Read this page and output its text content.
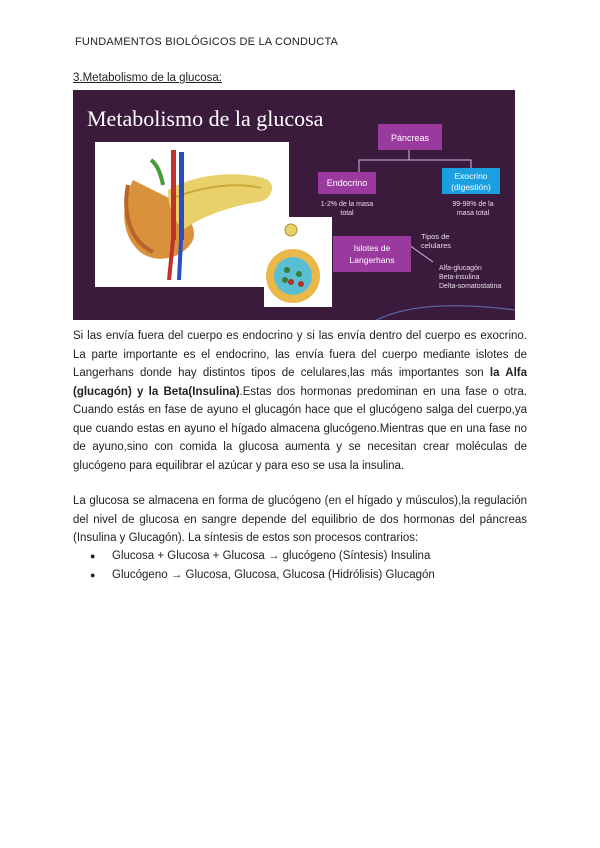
FUNDAMENTOS BIOLÓGICOS DE LA CONDUCTA
3.Metabolismo de la glucosa:
Metabolismo de la glucosa
Páncreas
Endocrino
1-2% de la masa
total
Exocrino
(digestión)
99-98% de la
masa total
Islotes de
Langerhans
Tipos de
celulares
Alfa-glucagón
Beta-insulina
Delta-somatostatina

Si las envía fuera del cuerpo es endocrino y si las envía dentro del cuerpo es exocrino. La parte importante es el endocrino, las envía fuera del cuerpo mediante islotes de Langerhans donde hay distintos tipos de celulares,las más importantes son la Alfa (glucagón) y la Beta(Insulina).Estas dos hormonas predominan en una fase o otra. Cuando estás en fase de ayuno el glucagón hace que el glucógeno salga del cuerpo,ya que cuando estas en ayuno el hígado almacena glucógeno.Mientras que en una fase no de ayuno,sino con comida la glucosa aumenta y se necesitan crear moléculas de glucógeno para equilibrar el azúcar y para eso se usa la insulina.

La glucosa se almacena en forma de glucógeno (en el hígado y músculos),la regulación del nivel de glucosa en sangre depende del equilibrio de dos hormonas del páncreas (Insulina y Glucagón). La síntesis de estos son procesos contrarios:

● Glucosa + Glucosa + Glucosa → glucógeno (Síntesis) Insulina
● Glucógeno → Glucosa, Glucosa, Glucosa (Hidrólisis) Glucagón
